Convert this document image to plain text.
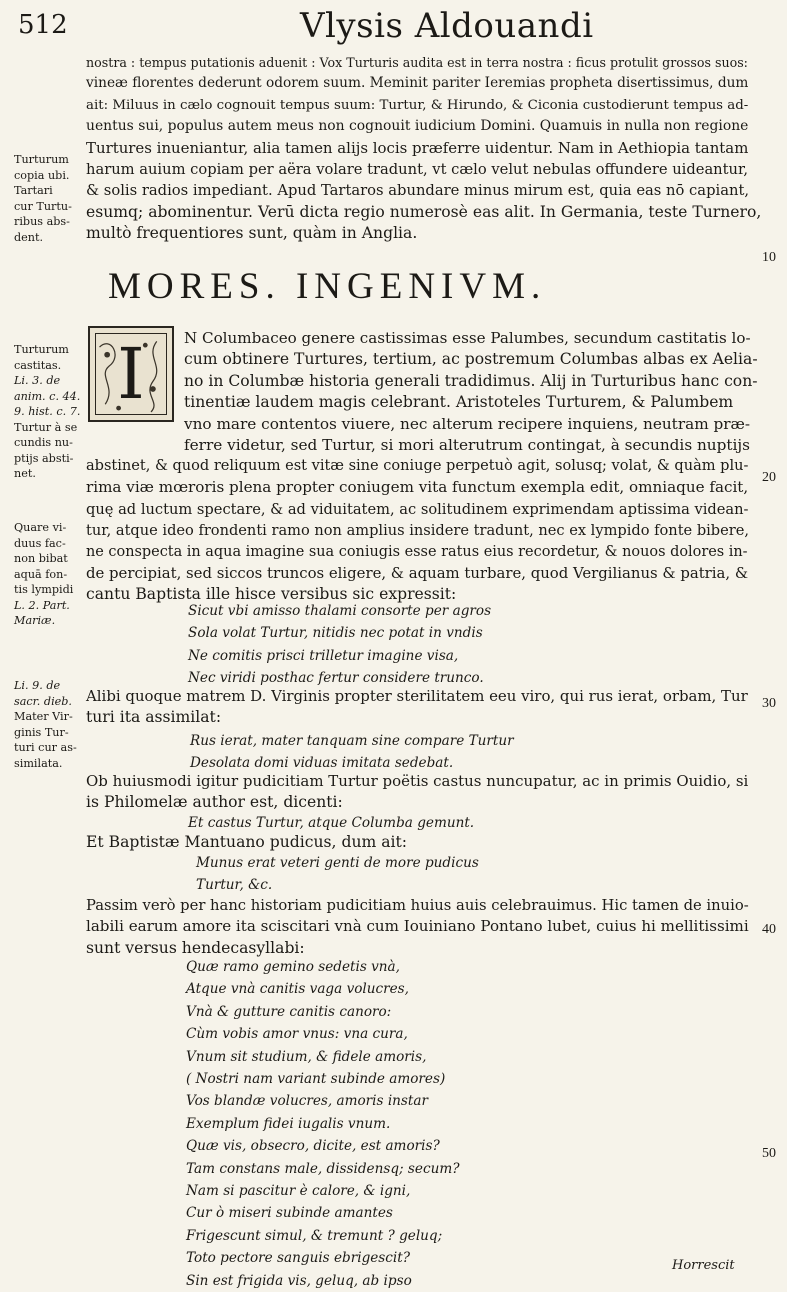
512	Vlysis Aldouandi
nostra : tempus putationis aduenit : Vox Turturis audita est in terra nostra : ficus protulit grossos suos:
vineæ florentes dederunt odorem suum. Meminit pariter Ieremias propheta disertissimus, dum
ait: Miluus in cælo cognouit tempus suum: Turtur, & Hirundo, & Ciconia custodierunt tempus ad-
uentus sui, populus autem meus non cognouit iudicium Domini. Quamuis in nulla non regione
Turtures inueniantur, alia tamen alijs locis præferre uidentur. Nam in Aethiopia tantam
harum auium copiam per aëra volare tradunt, vt cælo velut nebulas offundere uideantur,
& solis radios impediant. Apud Tartaros abundare minus mirum est, quia eas nō capiant,
esumq; abominentur. Verū dicta regio numerosè eas alit. In Germania, teste Turnero,
multò frequentiores sunt, quàm in Anglia.
MORES. INGENIVM.
I	N Columbaceo genere castissimas esse Palumbes, secundum castitatis lo-
cum obtinere Turtures, tertium, ac postremum Columbas albas ex Aelia-
no in Columbæ historia generali tradidimus. Alij in Turturibus hanc con-
tinentiæ laudem magis celebrant. Aristoteles Turturem, & Palumbem
vno mare contentos viuere, nec alterum recipere inquiens, neutram præ-
ferre videtur, sed Turtur, si mori alterutrum contingat, à secundis nuptijs
abstinet, & quod reliquum est vitæ sine coniuge perpetuò agit, solusq; volat, & quàm plu-
rima viæ mœroris plena propter coniugem vita functum exempla edit, omniaque facit,
quę ad luctum spectare, & ad viduitatem, ac solitudinem exprimendam aptissima videan-
tur, atque ideo frondenti ramo non amplius insidere tradunt, nec ex lympido fonte bibere,
ne conspecta in aqua imagine sua coniugis esse ratus eius recordetur, & nouos dolores in-
de percipiat, sed siccos truncos eligere, & aquam turbare, quod Vergilianus & patria, &
cantu Baptista ille hisce versibus sic expressit:
Sicut vbi amisso thalami consorte per agros
Sola volat Turtur, nitidis nec potat in vndis
Ne comitis prisci trilletur imagine visa,
Nec viridi posthac fertur considere trunco.
Alibi quoque matrem D. Virginis propter sterilitatem eeu viro, qui rus ierat, orbam, Tur
turi ita assimilat:
Rus ierat, mater tanquam sine compare Turtur
Desolata domi viduas imitata sedebat.
Ob huiusmodi igitur pudicitiam Turtur poëtis castus nuncupatur, ac in primis Ouidio, si
is Philomelæ author est, dicenti:
Et castus Turtur, atque Columba gemunt.
Et Baptistæ Mantuano pudicus, dum ait:
Munus erat veteri genti de more pudicus
Turtur, &c.
Passim verò per hanc historiam pudicitiam huius auis celebrauimus. Hic tamen de inuio-
labili earum amore ita sciscitari vnà cum Iouiniano Pontano lubet, cuius hi mellitissimi
sunt versus hendecasyllabi:
Quæ ramo gemino sedetis vnà,
Atque vnà canitis vaga volucres,
Vnà & gutture canitis canoro:
Cùm vobis amor vnus: vna cura,
Vnum sit studium, & fidele amoris,
( Nostri nam variant subinde amores)
Vos blandæ volucres, amoris instar
Exemplum fidei iugalis vnum.
Quæ vis, obsecro, dicite, est amoris?
Tam constans male, dissidensq; secum?
Nam si pascitur è calore, & igni,
Cur ò miseri subinde amantes
Frigescunt simul, & tremunt ? geluq;
Toto pectore sanguis ebrigescit?
Sin est frigida vis, geluq, ab ipso
Horrescit
Turturum
copia ubi.
Tartari
cur Turtu-
ribus abs-
dent.
Turturum
castitas.
Li. 3. de
anim. c. 44.
9. hist. c. 7.
Turtur à se
cundis nu-
ptijs absti-
net.
Quare vi-
duus fac-
non bibat
aquā fon-
tis lympidi
L. 2. Part.
Mariæ.
Li. 9. de
sacr. dieb.
Mater Vir-
ginis Tur-
turi cur as-
similata.
10
20
30
40
50
